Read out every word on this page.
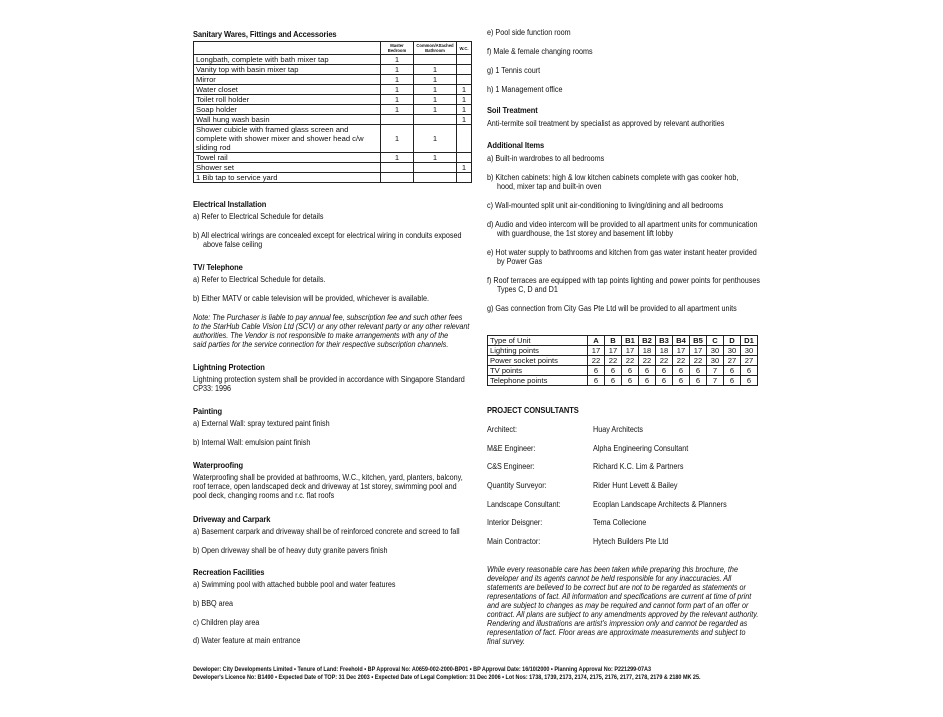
Sanitary Wares, Fittings and Accessories
	Master Bedroom	Common/Attached Bathroom	W.C.
Longbath, complete with bath mixer tap	1		
Vanity top with basin mixer tap	1	1	
Mirror	1	1	
Water closet	1	1	1
Toilet roll holder	1	1	1
Soap holder	1	1	1
Wall hung wash basin			1
Shower cubicle with framed glass screen and complete with shower mixer and shower head c/w sliding rod	1	1	
Towel rail	1	1	
Shower set			1
1 Bib tap to service yard			
Electrical Installation
a) Refer to Electrical Schedule for details
b) All electrical wirings are concealed except for electrical wiring in conduits exposed
above false ceiling
TV/ Telephone
a) Refer to Electrical Schedule for details.
b) Either MATV or cable television will be provided, whichever is available.
Note: The Purchaser is liable to pay annual fee, subscription fee and such other fees
to the StarHub Cable Vision Ltd (SCV) or any other relevant party or any other relevant
authorities. The Vendor is not responsible to make arrangements with any of the
said parties for the service connection for their respective subscription channels.
Lightning Protection
Lightning protection system shall be provided in accordance with Singapore Standard
CP33: 1996
Painting
a) External Wall: spray textured paint finish
b) Internal Wall: emulsion paint finish
Waterproofing
Waterproofing shall be provided at bathrooms, W.C., kitchen, yard, planters, balcony,
roof terrace, open landscaped deck and driveway at 1st storey, swimming pool and
pool deck, changing rooms and r.c. flat roofs
Driveway and Carpark
a) Basement carpark and driveway shall be of reinforced concrete and screed to fall
b) Open driveway shall be of heavy duty granite pavers finish
Recreation Facilities
a) Swimming pool with attached bubble pool and water features
b) BBQ area
c) Children play area
d) Water feature at main entrance
e) Pool side function room
f) Male & female changing rooms
g) 1 Tennis court
h) 1 Management office
Soil Treatment
Anti-termite soil treatment by specialist as approved by relevant authorities
Additional Items
a) Built-in wardrobes to all bedrooms
b) Kitchen cabinets: high & low kitchen cabinets complete with gas cooker hob,
hood, mixer tap and built-in oven
c) Wall-mounted split unit air-conditioning to living/dining and all bedrooms
d) Audio and video intercom will be provided to all apartment units for communication
with guardhouse, the 1st storey and basement lift lobby
e) Hot water supply to bathrooms and kitchen from gas water instant heater provided
by Power Gas
f) Roof terraces are equipped with tap points lighting and power points for penthouses
Types C, D and D1
g) Gas connection from City Gas Pte Ltd will be provided to all apartment units
Type of Unit	A	B	B1	B2	B3	B4	B5	C	D	D1
Lighting points	17	17	17	18	18	17	17	30	30	30
Power socket points	22	22	22	22	22	22	22	30	27	27
TV points	6	6	6	6	6	6	6	7	6	6
Telephone points	6	6	6	6	6	6	6	7	6	6
PROJECT CONSULTANTS
Architect:	Huay Architects
M&E Engineer:	Alpha Engineering Consultant
C&S Engineer:	Richard K.C. Lim & Partners
Quantity Surveyor:	Rider Hunt Levett & Bailey
Landscape Consultant:	Ecoplan Landscape Architects & Planners
Interior Deisgner:	Tema Collecione
Main Contractor:	Hytech Builders Pte Ltd
While every reasonable care has been taken while preparing this brochure, the
developer and its agents cannot be held responsible for any inaccuracies. All
statements are believed to be correct but are not to be regarded as statements or
representations of fact. All information and specifications are current at time of print
and are subject to changes as may be required and cannot form part of an offer or
contract. All plans are subject to any amendments approved by the relevant authority.
Rendering and illustrations are artist's impression only and cannot be regarded as
representation of fact. Floor areas are approximate measurements and subject to
final survey.
Developer: City Developments Limited • Tenure of Land: Freehold • BP Approval No: A0659-002-2000-BP01 • BP Approval Date: 16/10/2000 • Planning Approval No: P221299-07A3
Developer's Licence No: B1490 • Expected Date of TOP: 31 Dec 2003 • Expected Date of Legal Completion: 31 Dec 2006 • Lot Nos: 1738, 1739, 2173, 2174, 2175, 2176, 2177, 2178, 2179 & 2180 MK 25.
